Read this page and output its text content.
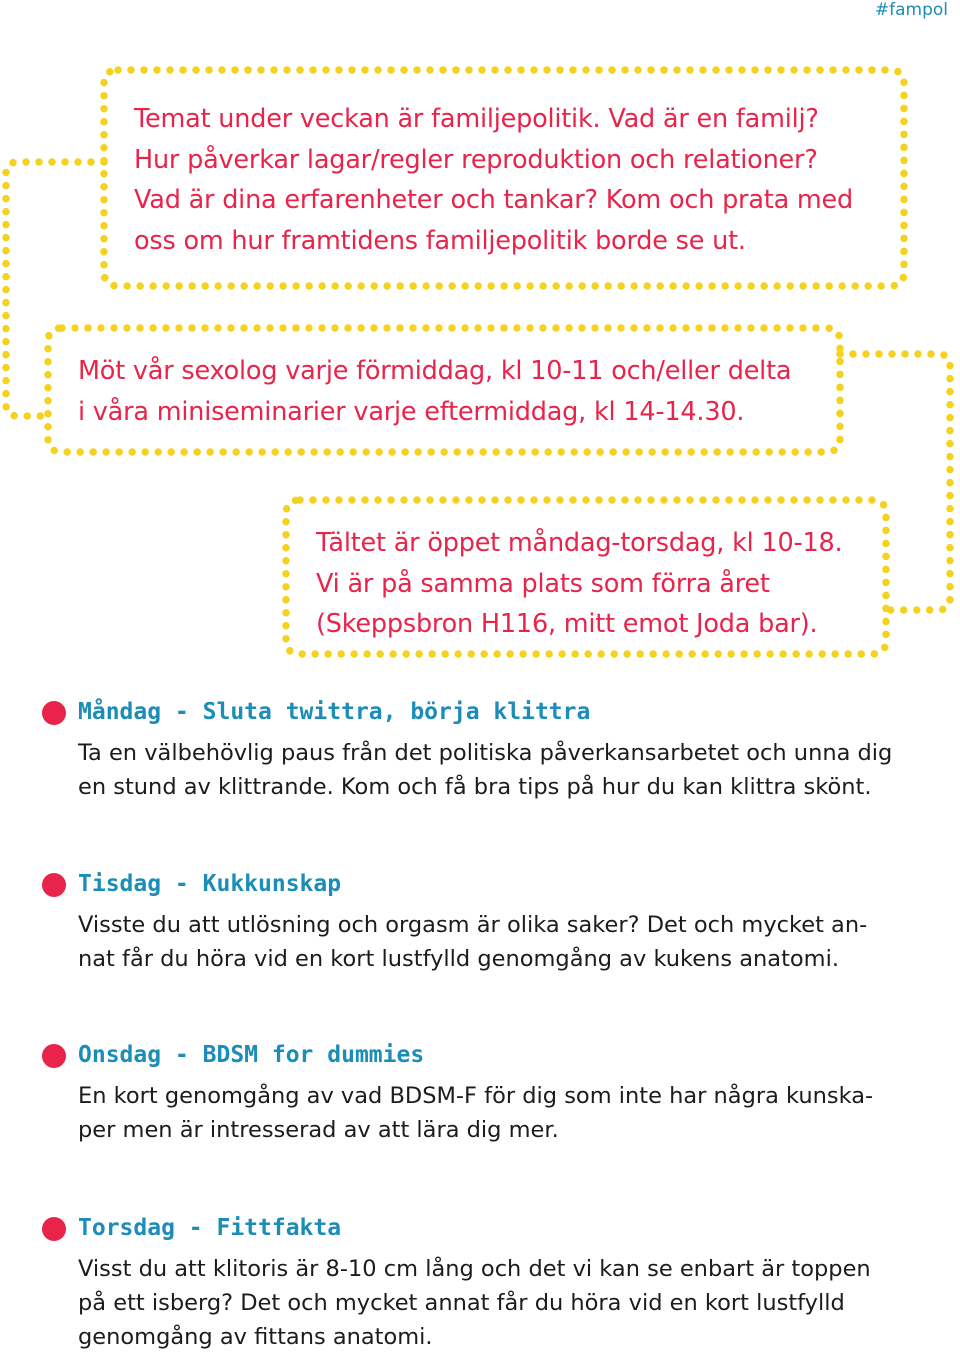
#fampol

Temat under veckan är familjepolitik. Vad är en familj?
Hur påverkar lagar/regler reproduktion och relationer?
Vad är dina erfarenheter och tankar? Kom och prata med
oss om hur framtidens familjepolitik borde se ut.

Möt vår sexolog varje förmiddag, kl 10-11 och/eller delta
i våra miniseminarier varje eftermiddag, kl 14-14.30.

Tältet är öppet måndag-torsdag, kl 10-18.
Vi är på samma plats som förra året
(Skeppsbron H116, mitt emot Joda bar).

Måndag - Sluta twittra, börja klittra

Ta en välbehövlig paus från det politiska påverkansarbetet och unna dig
en stund av klittrande. Kom och få bra tips på hur du kan klittra skönt.

Tisdag - Kukkunskap

Visste du att utlösning och orgasm är olika saker? Det och mycket an-
nat får du höra vid en kort lustfylld genomgång av kukens anatomi.

Onsdag - BDSM for dummies

En kort genomgång av vad BDSM-F för dig som inte har några kunska-
per men är intresserad av att lära dig mer.

Torsdag - Fittfakta

Visst du att klitoris är 8-10 cm lång och det vi kan se enbart är toppen
på ett isberg? Det och mycket annat får du höra vid en kort lustfylld
genomgång av fittans anatomi.
